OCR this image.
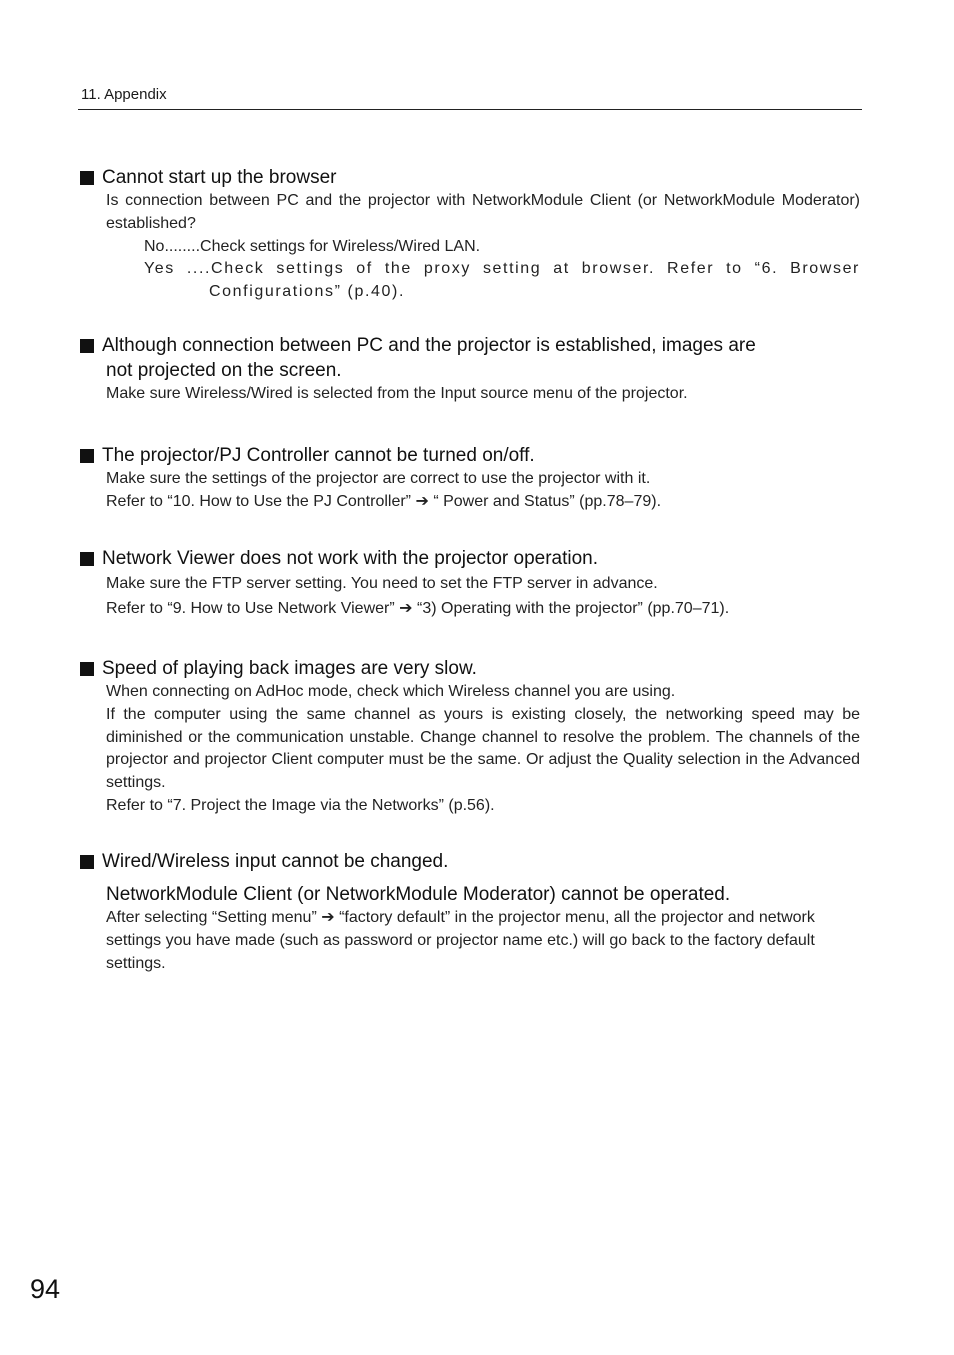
11. Appendix
Cannot start up the browser

Is connection between PC and the projector with NetworkModule Client (or NetworkModule Moderator) established?

No........Check settings for Wireless/Wired LAN.

Yes ....Check settings of the proxy setting at browser. Refer to “6. Browser Configurations” (p.40).

Although connection between PC and the projector is established, images are
not projected on the screen.

Make sure Wireless/Wired is selected from the Input source menu of the projector.

The projector/PJ Controller cannot be turned on/off.

Make sure the settings of the projector are correct to use the projector with it.

Refer to “10. How to Use the PJ Controller” ➔ “ Power and Status” (pp.78–79).

Network Viewer does not work with the projector operation.

Make sure the FTP server setting. You need to set the FTP server in advance.

Refer to “9. How to Use Network Viewer” ➔ “3) Operating with the projector” (pp.70–71).

Speed of playing back images are very slow.

When connecting on AdHoc mode, check which Wireless channel you are using.

If the computer using the same channel as yours is existing closely, the networking speed may be diminished or the communication unstable. Change channel to resolve the problem. The channels of the projector and projector Client computer must be the same. Or adjust the Quality selection in the Advanced settings.

Refer to “7. Project the Image via the Networks” (p.56).

Wired/Wireless input cannot be changed.
NetworkModule Client (or NetworkModule Moderator) cannot be operated.

After selecting “Setting menu” ➔ “factory default” in the projector menu, all the projector and network settings you have made (such as password or projector name etc.) will go back to the factory default settings.

94
